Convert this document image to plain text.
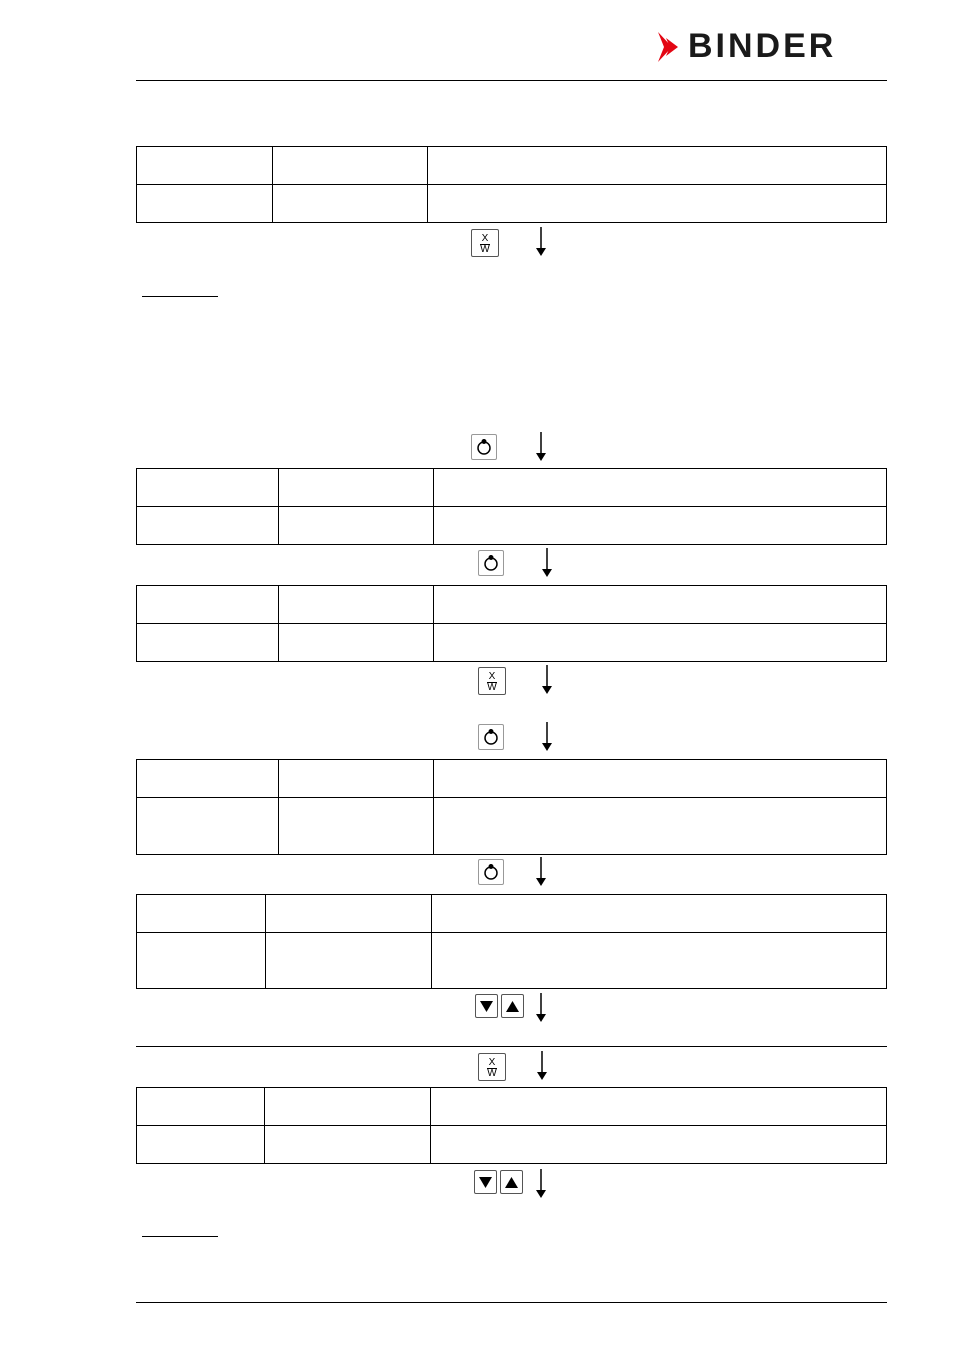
BINDER

X
W

X
W

X
W
